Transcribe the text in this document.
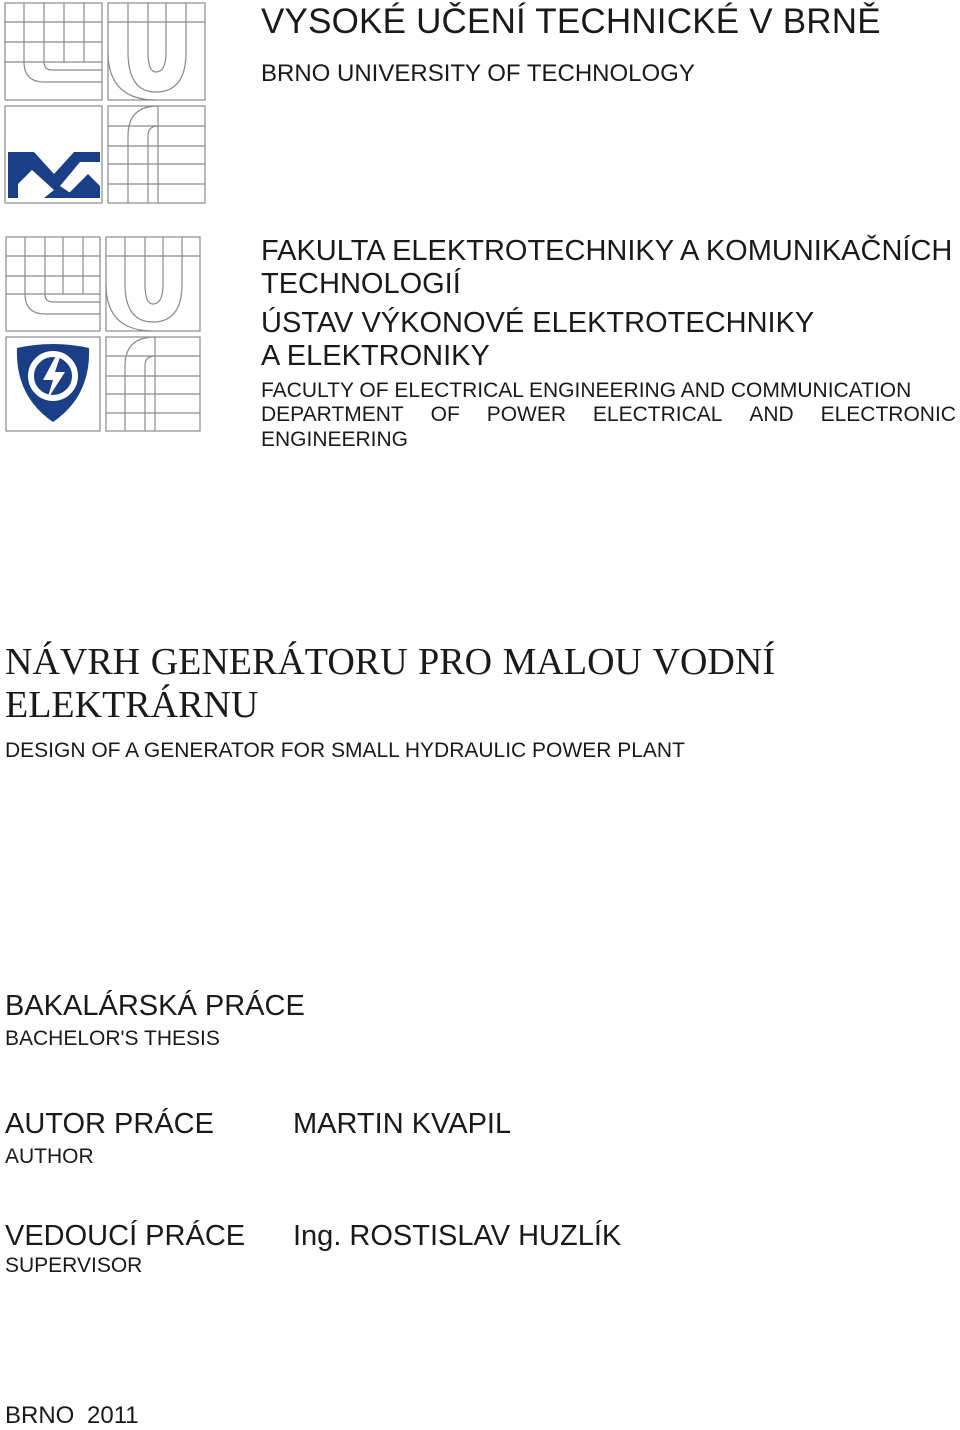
VYSOKÉ UČENÍ TECHNICKÉ V BRNĚ
BRNO UNIVERSITY OF TECHNOLOGY
FAKULTA ELEKTROTECHNIKY A KOMUNIKAČNÍCH
TECHNOLOGIÍ
ÚSTAV VÝKONOVÉ ELEKTROTECHNIKY
A ELEKTRONIKY
FACULTY OF ELECTRICAL ENGINEERING AND COMMUNICATION
DEPARTMENT OF POWER ELECTRICAL AND ELECTRONIC
ENGINEERING
NÁVRH GENERÁTORU PRO MALOU VODNÍ
ELEKTRÁRNU
DESIGN OF A GENERATOR FOR SMALL HYDRAULIC POWER PLANT
BAKALÁRSKÁ PRÁCE
BACHELOR'S THESIS
AUTOR PRÁCE
AUTHOR
MARTIN KVAPIL
VEDOUCÍ PRÁCE
SUPERVISOR
Ing. ROSTISLAV HUZLÍK
BRNO 2011
